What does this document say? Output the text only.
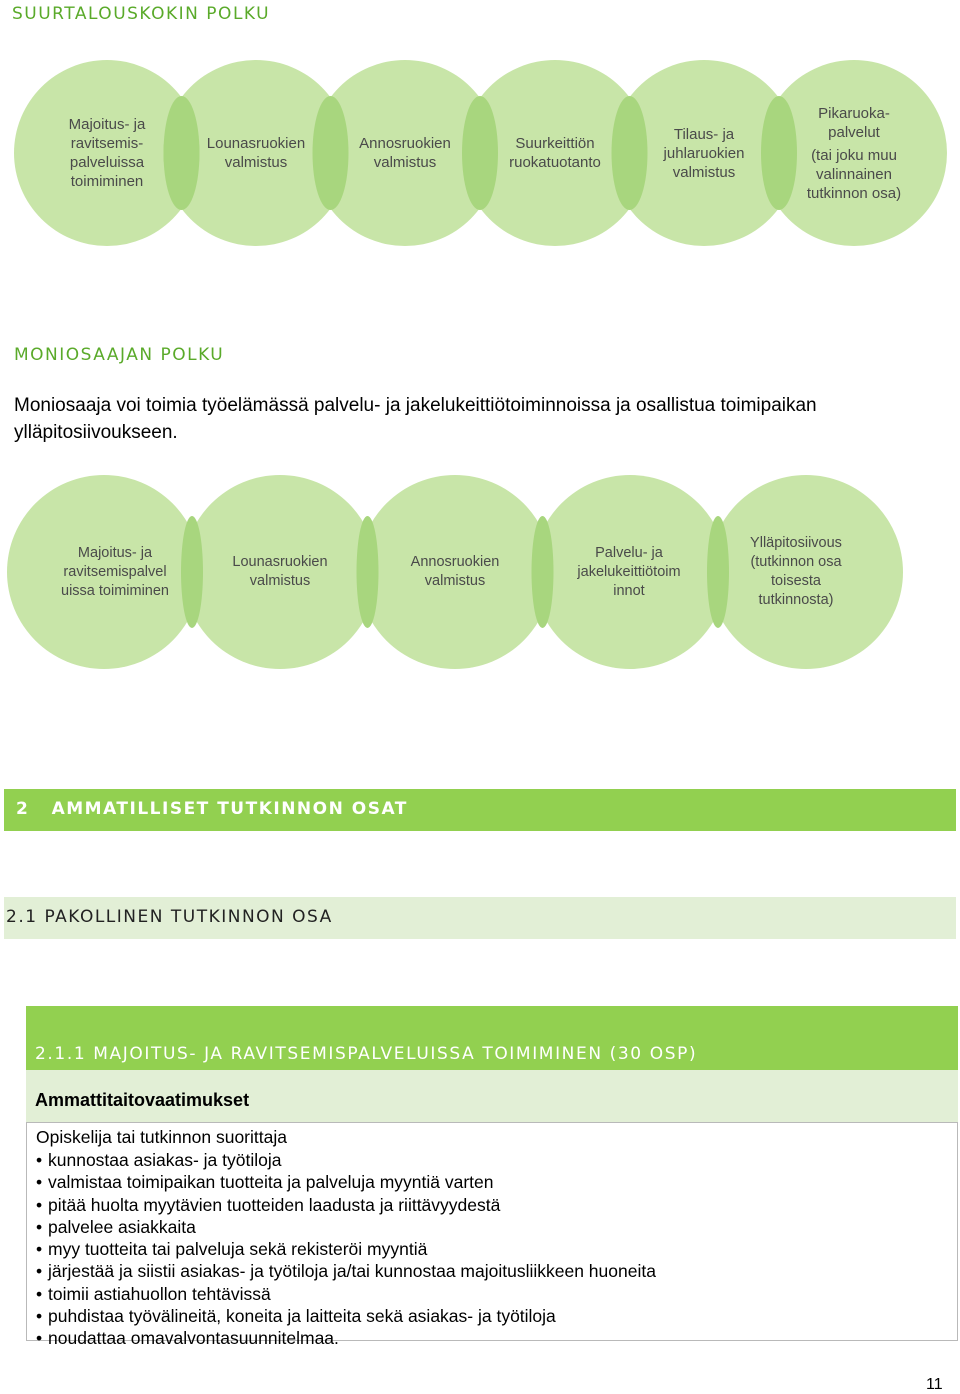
SUURTALOUSKOKIN POLKU
Majoitus- ja
ravitsemis-
palveluissa
toimiminen
Lounasruokien
valmistus
Annosruokien
valmistus
Suurkeittiön
ruokatuotanto
Tilaus- ja
juhlaruokien
valmistus
Pikaruoka-
palvelut
(tai joku muu
valinnainen
tutkinnon osa)
MONIOSAAJAN POLKU

Moniosaaja voi toimia työelämässä palvelu- ja jakelukeittiötoiminnoissa ja osallistua toimipaikan ylläpitosiivoukseen.

Majoitus- ja
ravitsemispalvel
uissa toimiminen
Lounasruokien
valmistus
Annosruokien
valmistus
Palvelu- ja
jakelukeittiötoim
innot
Ylläpitosiivous
(tutkinnon osa
toisesta
tutkinnosta)
2   AMMATILLISET TUTKINNON OSAT
2.1 PAKOLLINEN TUTKINNON OSA
2.1.1 MAJOITUS- JA RAVITSEMISPALVELUISSA TOIMIMINEN (30 OSP)
Ammattitaitovaatimukset
Opiskelija tai tutkinnon suorittaja
• kunnostaa asiakas- ja työtiloja
• valmistaa toimipaikan tuotteita ja palveluja myyntiä varten
• pitää huolta myytävien tuotteiden laadusta ja riittävyydestä
• palvelee asiakkaita
• myy tuotteita tai palveluja sekä rekisteröi myyntiä
• järjestää ja siistii asiakas- ja työtiloja ja/tai kunnostaa majoitusliikkeen huoneita
• toimii astiahuollon tehtävissä
• puhdistaa työvälineitä, koneita ja laitteita sekä asiakas- ja työtiloja
• noudattaa omavalvontasuunnitelmaa.
11
